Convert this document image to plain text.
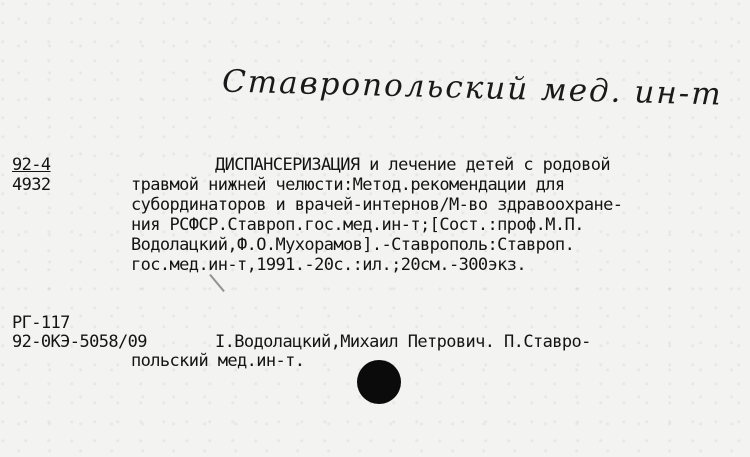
Ставропольский мед. ин-т
92-4
4932
ДИСПАНСЕРИЗАЦИЯ и лечение детей с родовой
травмой нижней челюсти:Метод.рекомендации для
субординаторов и врачей-интернов/М-во здравоохране-
ния РСФСР.Ставроп.гос.мед.ин-т;[Сост.:проф.М.П.
Водолацкий,Ф.О.Мухорамов].-Ставрополь:Ставроп.
гос.мед.ин-т,1991.-20с.:ил.;20см.-300экз.
РГ-117
92-0КЭ-5058/09	I.Водолацкий,Михаил Петрович. П.Ставро-
польский мед.ин-т.
